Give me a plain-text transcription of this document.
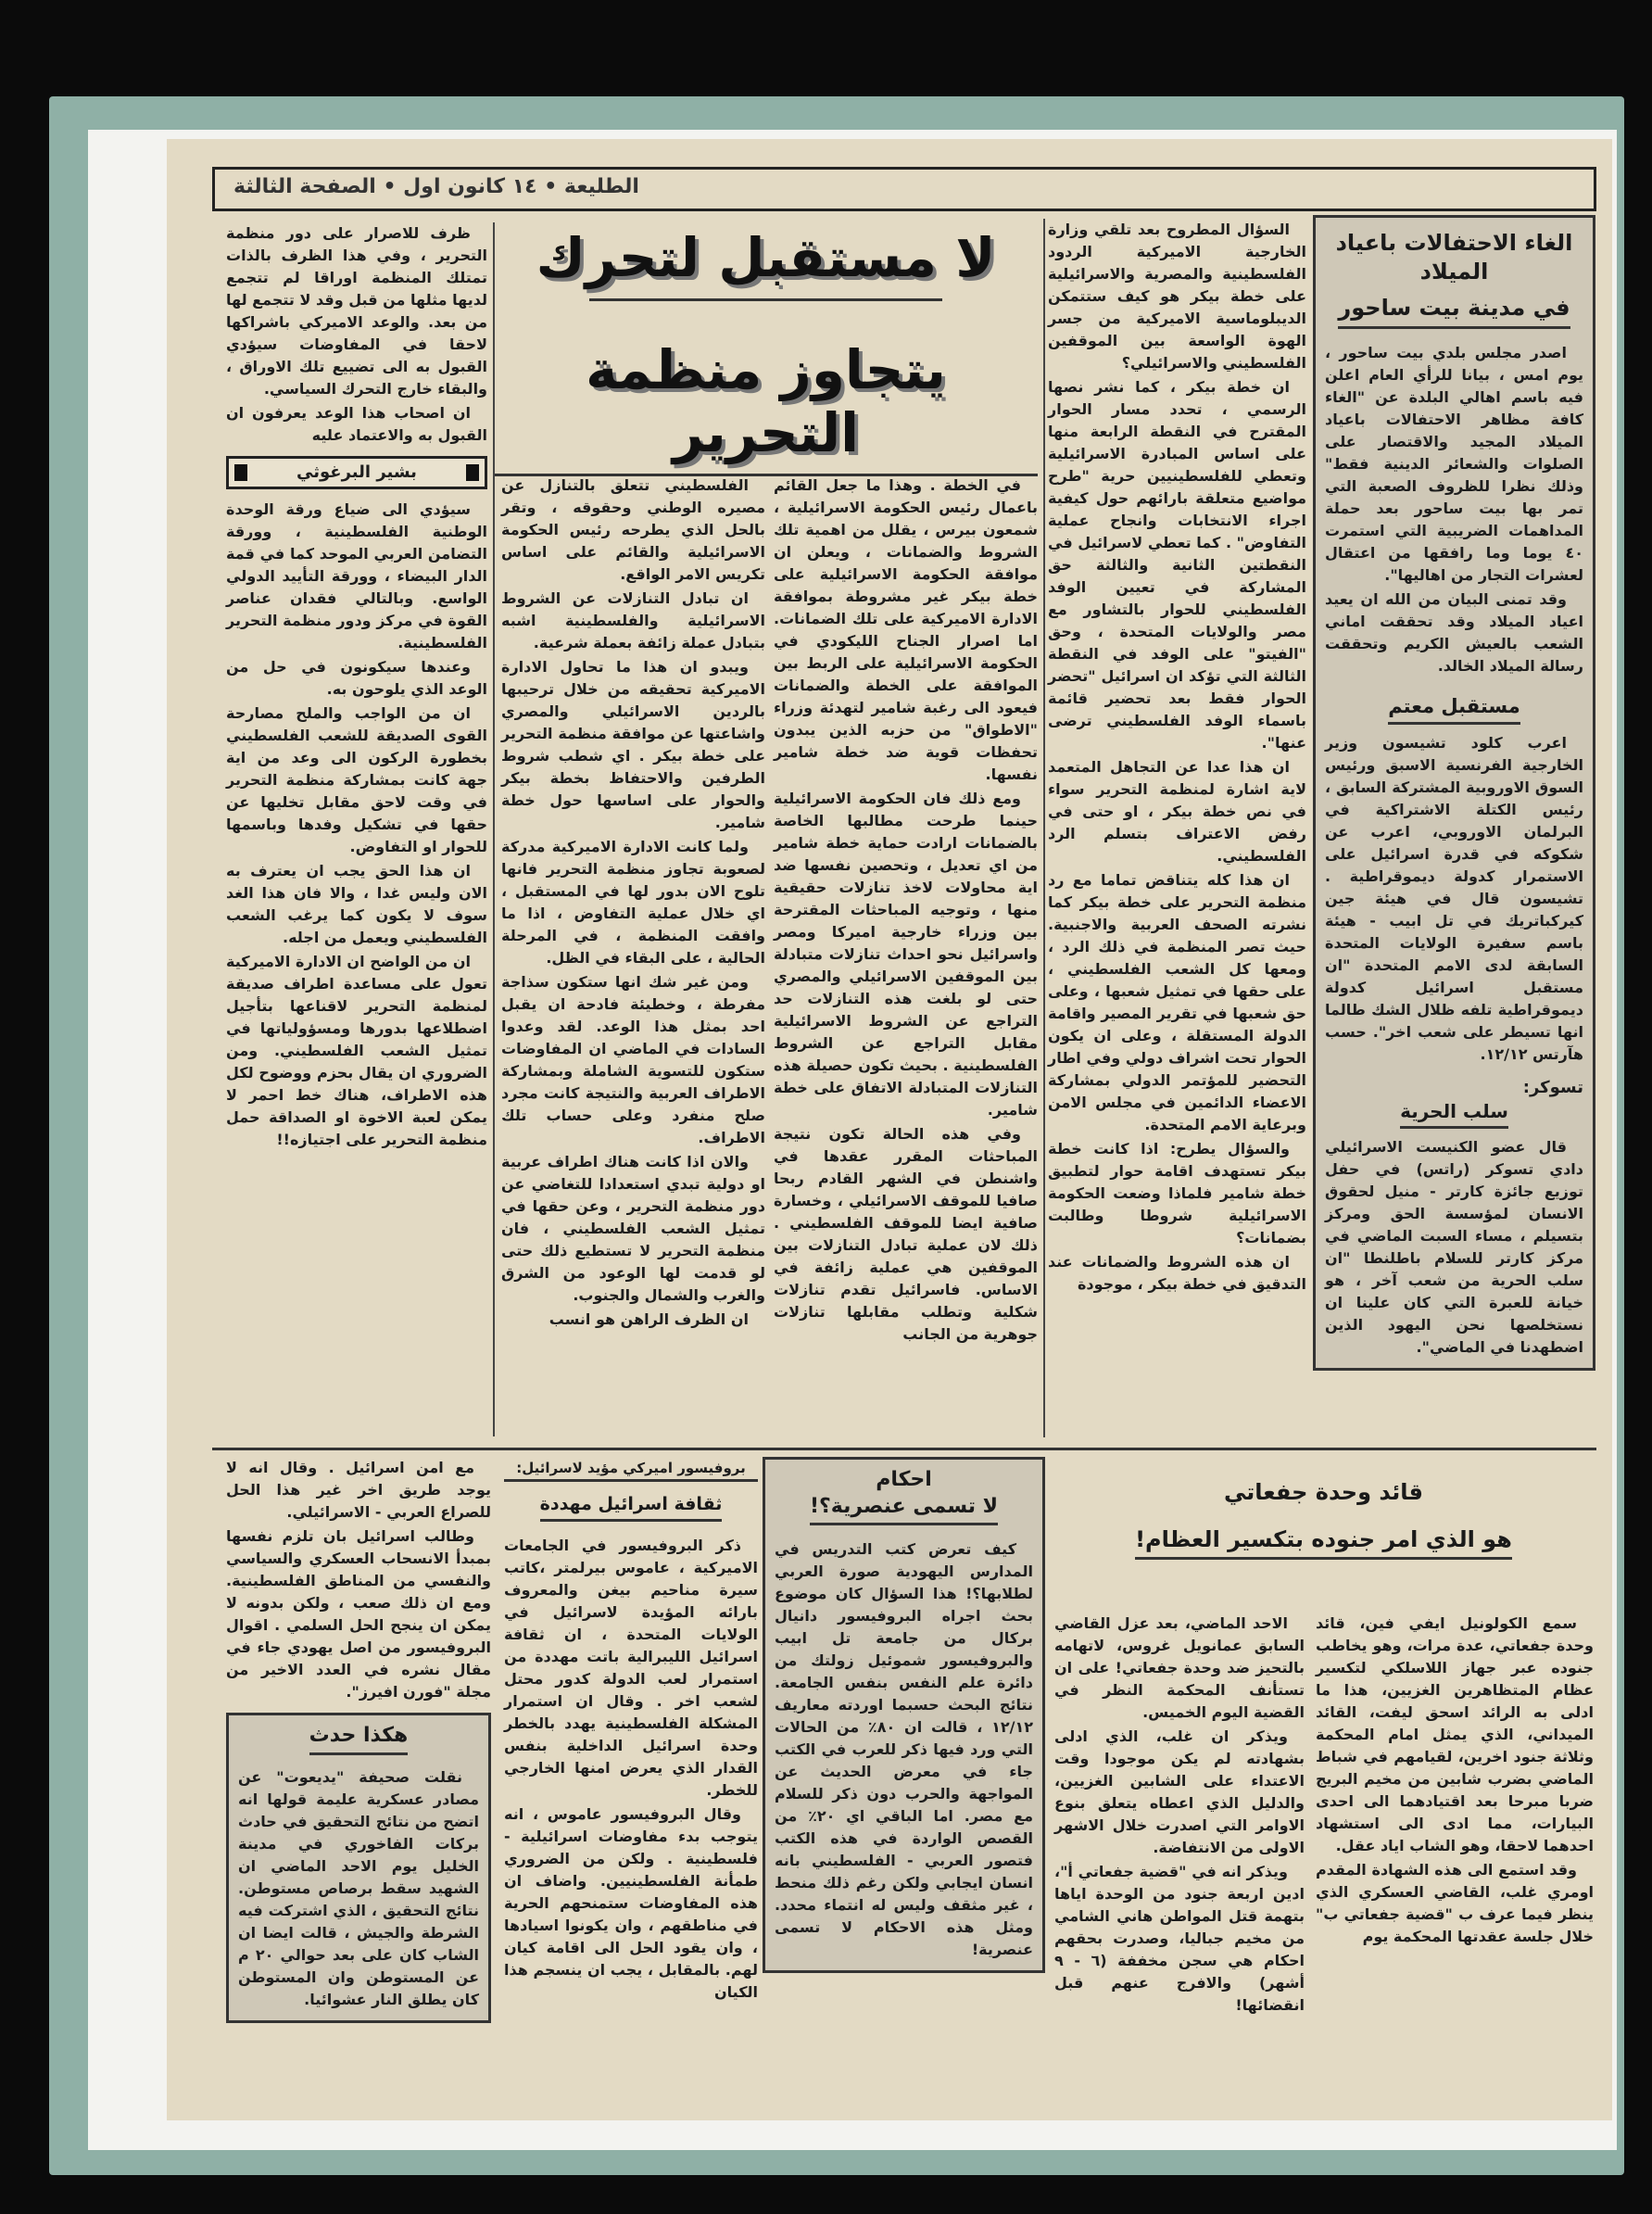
الطليعة • ١٤ كانون اول • الصفحة الثالثة
الغاء الاحتفالات باعياد الميلاد
في مدينة بيت ساحور

اصدر مجلس بلدي بيت ساحور ، يوم امس ، بيانا للرأي العام اعلن فيه باسم اهالي البلدة عن "الغاء كافة مظاهر الاحتفالات باعياد الميلاد المجيد والاقتصار على الصلوات والشعائر الدينية فقط" وذلك نظرا للظروف الصعبة التي تمر بها بيت ساحور بعد حملة المداهمات الضريبية التي استمرت ٤٠ يوما وما رافقها من اعتقال لعشرات التجار من اهاليها".

وقد تمنى البيان من الله ان يعيد اعياد الميلاد وقد تحققت اماني الشعب بالعيش الكريم وتحققت رسالة الميلاد الخالد.

مستقبل معتم

اعرب كلود تشيسون وزير الخارجية الفرنسية الاسبق ورئيس السوق الاوروبية المشتركة السابق ، رئيس الكتلة الاشتراكية في البرلمان الاوروبي، اعرب عن شكوكه في قدرة اسرائيل على الاستمرار كدولة ديموقراطية . تشيسون قال في هيئة جين كيركباتريك في تل ابيب - هيئة باسم سفيرة الولايات المتحدة السابقة لدى الامم المتحدة "ان مستقبل اسرائيل كدولة ديموقراطية تلفه ظلال الشك طالما انها تسيطر على شعب اخر". حسب هآرتس ١٢/١٢.

تسوكر:
سلب الحرية

قال عضو الكنيست الاسرائيلي دادي تسوكر (راتس) في حفل توزيع جائزة كارتر - منيل لحقوق الانسان لمؤسسة الحق ومركز بتسيلم ، مساء السبت الماضي في مركز كارتر للسلام باطلنطا "ان سلب الحرية من شعب آخر ، هو خيانة للعبرة التي كان علينا ان نستخلصها نحن اليهود الذين اضطهدنا في الماضي".

لا مستقبل لتحرك
يتجاوز منظمة التحرير

السؤال المطروح بعد تلقي وزارة الخارجية الاميركية الردود الفلسطينية والمصرية والاسرائيلية على خطة بيكر هو كيف ستتمكن الديبلوماسية الاميركية من جسر الهوة الواسعة بين الموقفين الفلسطيني والاسرائيلي؟

ان خطة بيكر ، كما نشر نصها الرسمي ، تحدد مسار الحوار المقترح في النقطة الرابعة منها على اساس المبادرة الاسرائيلية وتعطي للفلسطينيين حرية "طرح مواضيع متعلقة بارائهم حول كيفية اجراء الانتخابات وانجاح عملية التفاوض" . كما تعطي لاسرائيل في النقطتين الثانية والثالثة حق المشاركة في تعيين الوفد الفلسطيني للحوار بالتشاور مع مصر والولايات المتحدة ، وحق "الفيتو" على الوفد في النقطة الثالثة التي تؤكد ان اسرائيل "تحضر الحوار فقط بعد تحضير قائمة باسماء الوفد الفلسطيني ترضى عنها".

ان هذا عدا عن التجاهل المتعمد لاية اشارة لمنظمة التحرير سواء في نص خطة بيكر ، او حتى في رفض الاعتراف بتسلم الرد الفلسطيني.

ان هذا كله يتناقض تماما مع رد منظمة التحرير على خطة بيكر كما نشرته الصحف العربية والاجنبية. حيث تصر المنظمة في ذلك الرد ، ومعها كل الشعب الفلسطيني ، على حقها في تمثيل شعبها ، وعلى حق شعبها في تقرير المصير واقامة الدولة المستقلة ، وعلى ان يكون الحوار تحت اشراف دولي وفي اطار التحضير للمؤتمر الدولي بمشاركة الاعضاء الدائمين في مجلس الامن وبرعاية الامم المتحدة.

والسؤال يطرح: اذا كانت خطة بيكر تستهدف اقامة حوار لتطبيق خطة شامير فلماذا وضعت الحكومة الاسرائيلية شروطا وطالبت بضمانات؟

ان هذه الشروط والضمانات عند التدقيق في خطة بيكر ، موجودة

في الخطة . وهذا ما جعل القائم باعمال رئيس الحكومة الاسرائيلية ، شمعون بيرس ، يقلل من اهمية تلك الشروط والضمانات ، ويعلن ان موافقة الحكومة الاسرائيلية على خطة بيكر غير مشروطة بموافقة الادارة الاميركية على تلك الضمانات. اما اصرار الجناح الليكودي في الحكومة الاسرائيلية على الربط بين الموافقة على الخطة والضمانات فيعود الى رغبة شامير لتهدئة وزراء "الاطواق" من حزبه الذين يبدون تحفظات قوية ضد خطة شامير نفسها.

ومع ذلك فان الحكومة الاسرائيلية حينما طرحت مطالبها الخاصة بالضمانات ارادت حماية خطة شامير من اي تعديل ، وتحصين نفسها ضد اية محاولات لاخذ تنازلات حقيقية منها ، وتوجيه المباحثات المقترحة بين وزراء خارجية اميركا ومصر واسرائيل نحو احداث تنازلات متبادلة بين الموقفين الاسرائيلي والمصري حتى لو بلغت هذه التنازلات حد التراجع عن الشروط الاسرائيلية مقابل التراجع عن الشروط الفلسطينية . بحيث تكون حصيلة هذه التنازلات المتبادلة الاتفاق على خطة شامير.

وفي هذه الحالة تكون نتيجة المباحثات المقرر عقدها في واشنطن في الشهر القادم ربحا صافيا للموقف الاسرائيلي ، وخسارة صافية ايضا للموقف الفلسطيني . ذلك لان عملية تبادل التنازلات بين الموقفين هي عملية زائفة في الاساس. فاسرائيل تقدم تنازلات شكلية وتطلب مقابلها تنازلات جوهرية من الجانب

الفلسطيني تتعلق بالتنازل عن مصيره الوطني وحقوقه ، وتقر بالحل الذي يطرحه رئيس الحكومة الاسرائيلية والقائم على اساس تكريس الامر الواقع.

ان تبادل التنازلات عن الشروط الاسرائيلية والفلسطينية اشبه بتبادل عملة زائفة بعملة شرعية.

ويبدو ان هذا ما تحاول الادارة الاميركية تحقيقه من خلال ترحيبها بالردين الاسرائيلي والمصري واشاعتها عن موافقة منظمة التحرير على خطة بيكر . اي شطب شروط الطرفين والاحتفاظ بخطة بيكر والحوار على اساسها حول خطة شامير.

ولما كانت الادارة الاميركية مدركة لصعوبة تجاوز منظمة التحرير فانها تلوح الان بدور لها في المستقبل ، اي خلال عملية التفاوض ، اذا ما وافقت المنظمة ، في المرحلة الحالية ، على البقاء في الظل.

ومن غير شك انها ستكون سذاجة مفرطة ، وخطيئة فادحة ان يقبل احد بمثل هذا الوعد. لقد وعدوا السادات في الماضي ان المفاوضات ستكون للتسوية الشاملة وبمشاركة الاطراف العربية والنتيجة كانت مجرد صلح منفرد وعلى حساب تلك الاطراف.

والان اذا كانت هناك اطراف عربية او دولية تبدي استعدادا للتغاضي عن دور منظمة التحرير ، وعن حقها في تمثيل الشعب الفلسطيني ، فان منظمة التحرير لا تستطيع ذلك حتى لو قدمت لها الوعود من الشرق والغرب والشمال والجنوب.

ان الظرف الراهن هو انسب

ظرف للاصرار على دور منظمة التحرير ، وفي هذا الظرف بالذات تمتلك المنظمة اوراقا لم تتجمع لديها مثلها من قبل وقد لا تتجمع لها من بعد. والوعد الاميركي باشراكها لاحقا في المفاوضات سيؤدي القبول به الى تضييع تلك الاوراق ، والبقاء خارج التحرك السياسي.

ان اصحاب هذا الوعد يعرفون ان القبول به والاعتماد عليه

بشير البرغوثي

سيؤدي الى ضياع ورقة الوحدة الوطنية الفلسطينية ، وورقة التضامن العربي الموحد كما في قمة الدار البيضاء ، وورقة التأييد الدولي الواسع. وبالتالي فقدان عناصر القوة في مركز ودور منظمة التحرير الفلسطينية.

وعندها سيكونون في حل من الوعد الذي يلوحون به.

ان من الواجب والملح مصارحة القوى الصديقة للشعب الفلسطيني بخطورة الركون الى وعد من اية جهة كانت بمشاركة منظمة التحرير في وقت لاحق مقابل تخليها عن حقها في تشكيل وفدها وباسمها للحوار او التفاوض.

ان هذا الحق يجب ان يعترف به الان وليس غدا ، والا فان هذا الغد سوف لا يكون كما يرغب الشعب الفلسطيني ويعمل من اجله.

ان من الواضح ان الادارة الاميركية تعول على مساعدة اطراف صديقة لمنظمة التحرير لاقناعها بتأجيل اضطلاعها بدورها ومسؤولياتها في تمثيل الشعب الفلسطيني. ومن الضروري ان يقال بحزم ووضوح لكل هذه الاطراف، هناك خط احمر لا يمكن لعبة الاخوة او الصداقة حمل منظمة التحرير على اجتيازه!!

قائد وحدة جفعاتي
هو الذي امر جنوده بتكسير العظام!

سمع الكولونيل ايفي فين، قائد وحدة جفعاتي، عدة مرات، وهو يخاطب جنوده عبر جهاز اللاسلكي لتكسير عظام المتظاهرين الغزيين، هذا ما ادلى به الرائد اسحق ليفت، القائد الميداني، الذي يمثل امام المحكمة وثلاثة جنود اخرين، لقيامهم في شباط الماضي بضرب شابين من مخيم البريج ضربا مبرحا بعد اقتيادهما الى احدى البيارات، مما ادى الى استشهاد احدهما لاحقا، وهو الشاب اياد عقل.

وقد استمع الى هذه الشهادة المقدم اومري غلب، القاضي العسكري الذي ينظر فيما عرف ب "قضية جفعاتي ب" خلال جلسة عقدتها المحكمة يوم

الاحد الماضي، بعد عزل القاضي السابق عمانويل غروس، لاتهامه بالتحيز ضد وحدة جفعاتي! على ان تستأنف المحكمة النظر في القضية اليوم الخميس.

ويذكر ان غلب، الذي ادلى بشهادته لم يكن موجودا وقت الاعتداء على الشابين الغزيين، والدليل الذي اعطاه يتعلق بنوع الاوامر التي اصدرت خلال الاشهر الاولى من الانتفاضة.

ويذكر انه في "قضية جفعاتي أ"، ادين اربعة جنود من الوحدة اياها بتهمة قتل المواطن هاني الشامي من مخيم جباليا، وصدرت بحقهم احكام هي سجن مخففة (٦ - ٩ أشهر) والافرج عنهم قبل انقضائها!

احكام
لا تسمى عنصرية؟!

كيف تعرض كتب التدريس في المدارس اليهودية صورة العربي لطلابها؟! هذا السؤال كان موضوع بحث اجراه البروفيسور دانيال بركال من جامعة تل ابيب والبروفيسور شموئيل زولتك من دائرة علم النفس بنفس الجامعة. نتائج البحث حسبما اوردته معاريف ١٢/١٢ ، قالت ان ٨٠٪ من الحالات التي ورد فيها ذكر للعرب في الكتب جاء في معرض الحديث عن المواجهة والحرب دون ذكر للسلام مع مصر. اما الباقي اي ٢٠٪ من القصص الواردة في هذه الكتب فتصور العربي - الفلسطيني بانه انسان ايجابي ولكن رغم ذلك منحط ، غير مثقف وليس له انتماء محدد. ومثل هذه الاحكام لا تسمى عنصرية!

بروفيسور اميركي مؤيد لاسرائيل:
ثقافة اسرائيل مهددة

ذكر البروفيسور في الجامعات الاميركية ، عاموس بيرلمتر ،كاتب سيرة مناحيم بيغن والمعروف بارائه المؤيدة لاسرائيل في الولايات المتحدة ، ان ثقافة اسرائيل الليبرالية باتت مهددة من استمرار لعب الدولة كدور محتل لشعب اخر . وقال ان استمرار المشكلة الفلسطينية يهدد بالخطر وحدة اسرائيل الداخلية بنفس القدار الذي يعرض امنها الخارجي للخطر.

وقال البروفيسور عاموس ، انه يتوجب بدء مفاوضات اسرائيلية - فلسطينية . ولكن من الضروري طمأنة الفلسطينيين. واضاف ان هذه المفاوضات ستمنحهم الحرية في مناطقهم ، وان يكونوا اسيادها ، وان يقود الحل الى اقامة كيان لهم. بالمقابل ، يجب ان ينسجم هذا الكيان

مع امن اسرائيل . وقال انه لا يوجد طريق اخر غير هذا الحل للصراع العربي - الاسرائيلي.

وطالب اسرائيل بان تلزم نفسها بمبدأ الانسحاب العسكري والسياسي والنفسي من المناطق الفلسطينية. ومع ان ذلك صعب ، ولكن بدونه لا يمكن ان ينجح الحل السلمي . اقوال البروفيسور من اصل يهودي جاء في مقال نشره في العدد الاخير من مجلة "فورن افيرز".

هكذا حدث

نقلت صحيفة "يديعوت" عن مصادر عسكرية عليمة قولها انه اتضح من نتائج التحقيق في حادث بركات الفاخوري في مدينة الخليل يوم الاحد الماضي ان الشهيد سقط برصاص مستوطن. نتائج التحقيق ، الذي اشتركت فيه الشرطة والجيش ، قالت ايضا ان الشاب كان على بعد حوالي ٢٠ م عن المستوطن وان المستوطن كان يطلق النار عشوائيا.
